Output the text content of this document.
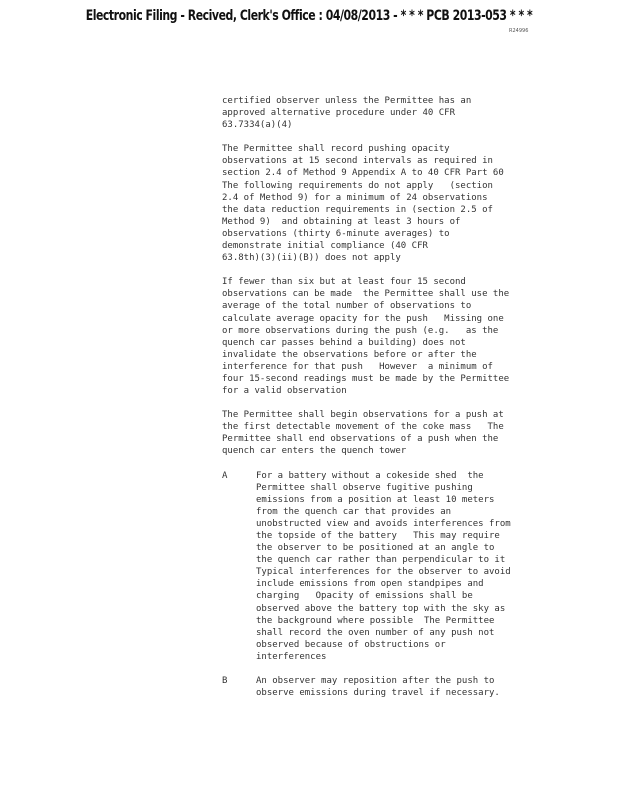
Electronic Filing - Recived, Clerk's Office : 04/08/2013 - * * * PCB 2013-053 * * *
R24996

certified observer unless the Permittee has an
approved alternative procedure under 40 CFR
63.7334(a)(4)

The Permittee shall record pushing opacity
observations at 15 second intervals as required in
section 2.4 of Method 9 Appendix A to 40 CFR Part 60
The following requirements do not apply   (section
2.4 of Method 9) for a minimum of 24 observations
the data reduction requirements in (section 2.5 of
Method 9)  and obtaining at least 3 hours of
observations (thirty 6-minute averages) to
demonstrate initial compliance (40 CFR
63.8th)(3)(ii)(B)) does not apply

If fewer than six but at least four 15 second
observations can be made  the Permittee shall use the
average of the total number of observations to
calculate average opacity for the push   Missing one
or more observations during the push (e.g.   as the
quench car passes behind a building) does not
invalidate the observations before or after the
interference for that push   However  a minimum of
four 15-second readings must be made by the Permittee
for a valid observation

The Permittee shall begin observations for a push at
the first detectable movement of the coke mass   The
Permittee shall end observations of a push when the
quench car enters the quench tower

A	For a battery without a cokeside shed  the
Permittee shall observe fugitive pushing
emissions from a position at least 10 meters
from the quench car that provides an
unobstructed view and avoids interferences from
the topside of the battery   This may require
the observer to be positioned at an angle to
the quench car rather than perpendicular to it
Typical interferences for the observer to avoid
include emissions from open standpipes and
charging   Opacity of emissions shall be
observed above the battery top with the sky as
the background where possible  The Permittee
shall record the oven number of any push not
observed because of obstructions or
interferences
B	An observer may reposition after the push to
observe emissions during travel if necessary.
